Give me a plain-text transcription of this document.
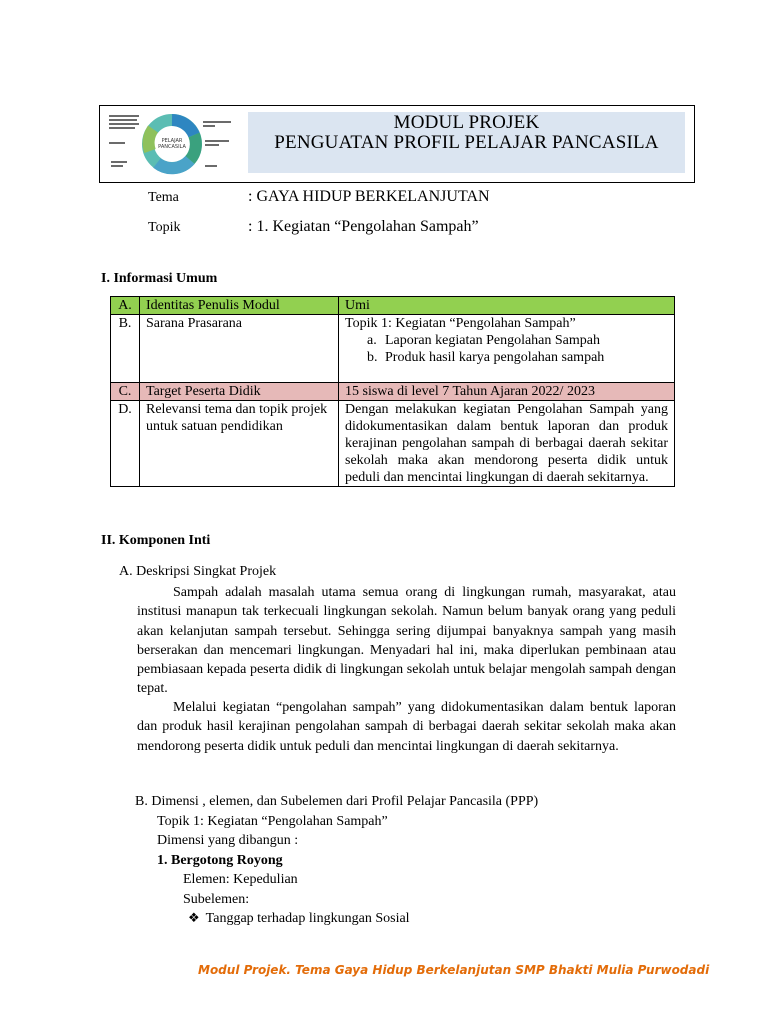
PELAJAR
PANCASILA
MODUL PROJEK
PENGUATAN PROFIL PELAJAR PANCASILA
Tema	: GAYA HIDUP BERKELANJUTAN
Topik	: 1. Kegiatan “Pengolahan Sampah”
I. Informasi Umum
A.	Identitas Penulis Modul	Umi
B.	Sarana Prasarana	Topik 1: Kegiatan “Pengolahan Sampah”
a. Laporan kegiatan Pengolahan Sampah
b. Produk hasil karya pengolahan sampah

C.	Target Peserta Didik	15 siswa di level 7 Tahun Ajaran 2022/ 2023
D.	Relevansi tema dan topik projek untuk satuan pendidikan	Dengan melakukan kegiatan Pengolahan Sampah yang didokumentasikan dalam bentuk laporan dan produk kerajinan pengolahan sampah di berbagai daerah sekitar sekolah maka akan mendorong peserta didik untuk peduli dan mencintai lingkungan di daerah sekitarnya.
II. Komponen Inti
A. Deskripsi Singkat Projek
Sampah adalah masalah utama semua orang di lingkungan rumah, masyarakat, atau institusi manapun tak terkecuali lingkungan sekolah. Namun belum banyak orang yang peduli akan kelanjutan sampah tersebut. Sehingga sering dijumpai banyaknya sampah yang masih berserakan dan mencemari lingkungan. Menyadari hal ini, maka diperlukan pembinaan atau pembiasaan kepada peserta didik di lingkungan sekolah untuk belajar mengolah sampah dengan tepat.
Melalui kegiatan “pengolahan sampah” yang didokumentasikan dalam bentuk laporan dan produk hasil kerajinan pengolahan sampah di berbagai daerah sekitar sekolah maka akan mendorong peserta didik untuk peduli dan mencintai lingkungan di daerah sekitarnya.
B. Dimensi , elemen, dan Subelemen dari Profil Pelajar Pancasila (PPP)
Topik 1: Kegiatan “Pengolahan Sampah”
Dimensi yang dibangun :
1. Bergotong Royong
Elemen: Kepedulian
Subelemen:
❖ Tanggap terhadap lingkungan Sosial
Modul Projek. Tema Gaya Hidup Berkelanjutan SMP Bhakti Mulia Purwodadi
